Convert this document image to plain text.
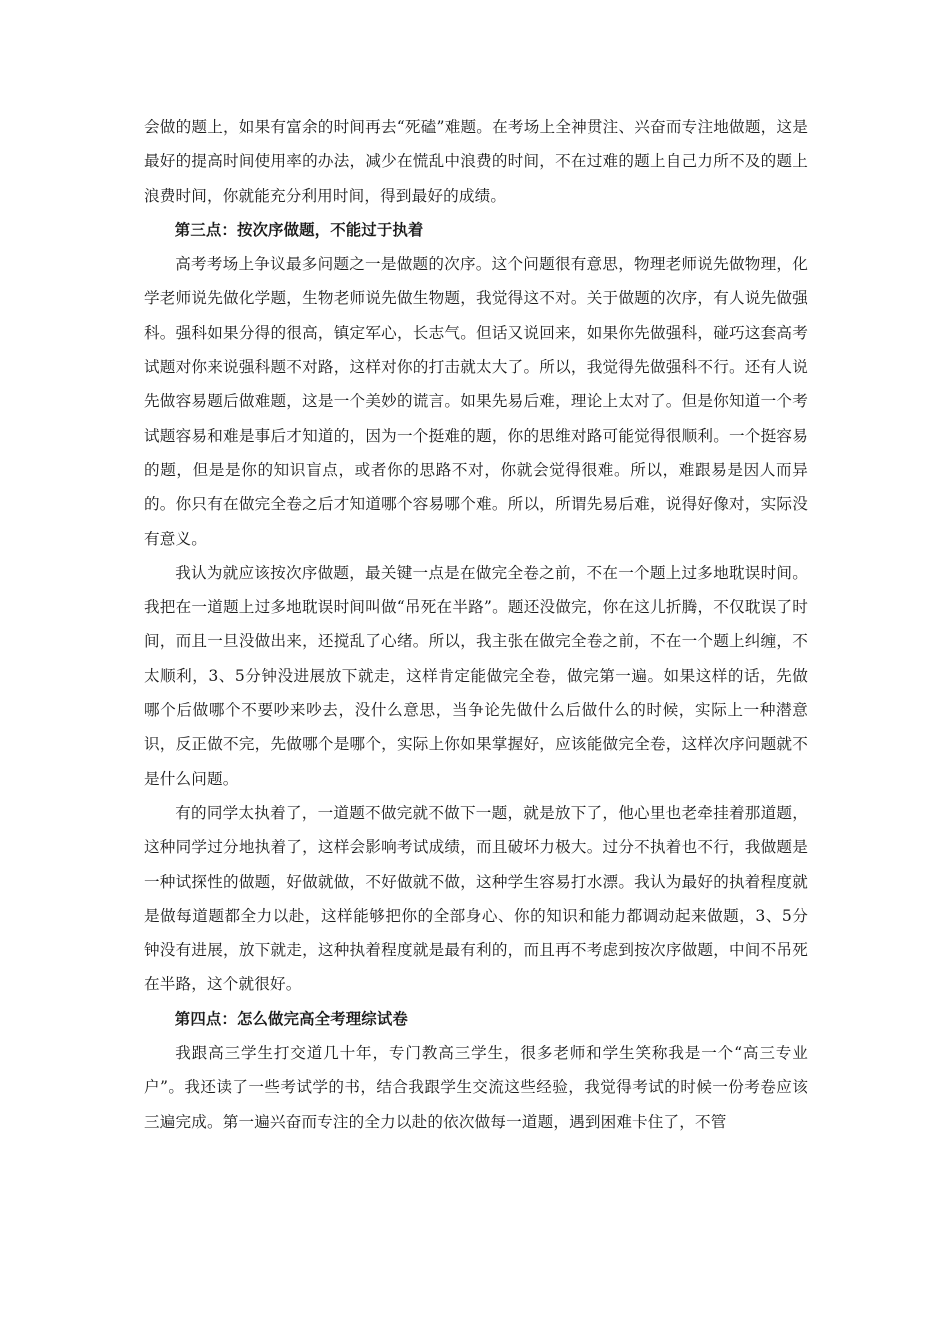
会做的题上，如果有富余的时间再去“死磕”难题。在考场上全神贯注、兴奋而专注地做题，这是最好的提高时间使用率的办法，减少在慌乱中浪费的时间，不在过难的题上自己力所不及的题上浪费时间，你就能充分利用时间，得到最好的成绩。

第三点：按次序做题，不能过于执着

高考考场上争议最多问题之一是做题的次序。这个问题很有意思，物理老师说先做物理，化学老师说先做化学题，生物老师说先做生物题，我觉得这不对。关于做题的次序，有人说先做强科。强科如果分得的很高，镇定军心，长志气。但话又说回来，如果你先做强科，碰巧这套高考试题对你来说强科题不对路，这样对你的打击就太大了。所以，我觉得先做强科不行。还有人说先做容易题后做难题，这是一个美妙的谎言。如果先易后难，理论上太对了。但是你知道一个考试题容易和难是事后才知道的，因为一个挺难的题，你的思维对路可能觉得很顺利。一个挺容易的题，但是是你的知识盲点，或者你的思路不对，你就会觉得很难。所以，难跟易是因人而异的。你只有在做完全卷之后才知道哪个容易哪个难。所以，所谓先易后难，说得好像对，实际没有意义。

我认为就应该按次序做题，最关键一点是在做完全卷之前，不在一个题上过多地耽误时间。我把在一道题上过多地耽误时间叫做“吊死在半路”。题还没做完，你在这儿折腾，不仅耽误了时间，而且一旦没做出来，还搅乱了心绪。所以，我主张在做完全卷之前，不在一个题上纠缠，不太顺利，3、5分钟没进展放下就走，这样肯定能做完全卷，做完第一遍。如果这样的话，先做哪个后做哪个不要吵来吵去，没什么意思，当争论先做什么后做什么的时候，实际上一种潜意识，反正做不完，先做哪个是哪个，实际上你如果掌握好，应该能做完全卷，这样次序问题就不是什么问题。

有的同学太执着了，一道题不做完就不做下一题，就是放下了，他心里也老牵挂着那道题，这种同学过分地执着了，这样会影响考试成绩，而且破坏力极大。过分不执着也不行，我做题是一种试探性的做题，好做就做，不好做就不做，这种学生容易打水漂。我认为最好的执着程度就是做每道题都全力以赴，这样能够把你的全部身心、你的知识和能力都调动起来做题，3、5分钟没有进展，放下就走，这种执着程度就是最有利的，而且再不考虑到按次序做题，中间不吊死在半路，这个就很好。

第四点：怎么做完高全考理综试卷

我跟高三学生打交道几十年，专门教高三学生，很多老师和学生笑称我是一个“高三专业户”。我还读了一些考试学的书，结合我跟学生交流这些经验，我觉得考试的时候一份考卷应该三遍完成。第一遍兴奋而专注的全力以赴的依次做每一道题，遇到困难卡住了，不管
